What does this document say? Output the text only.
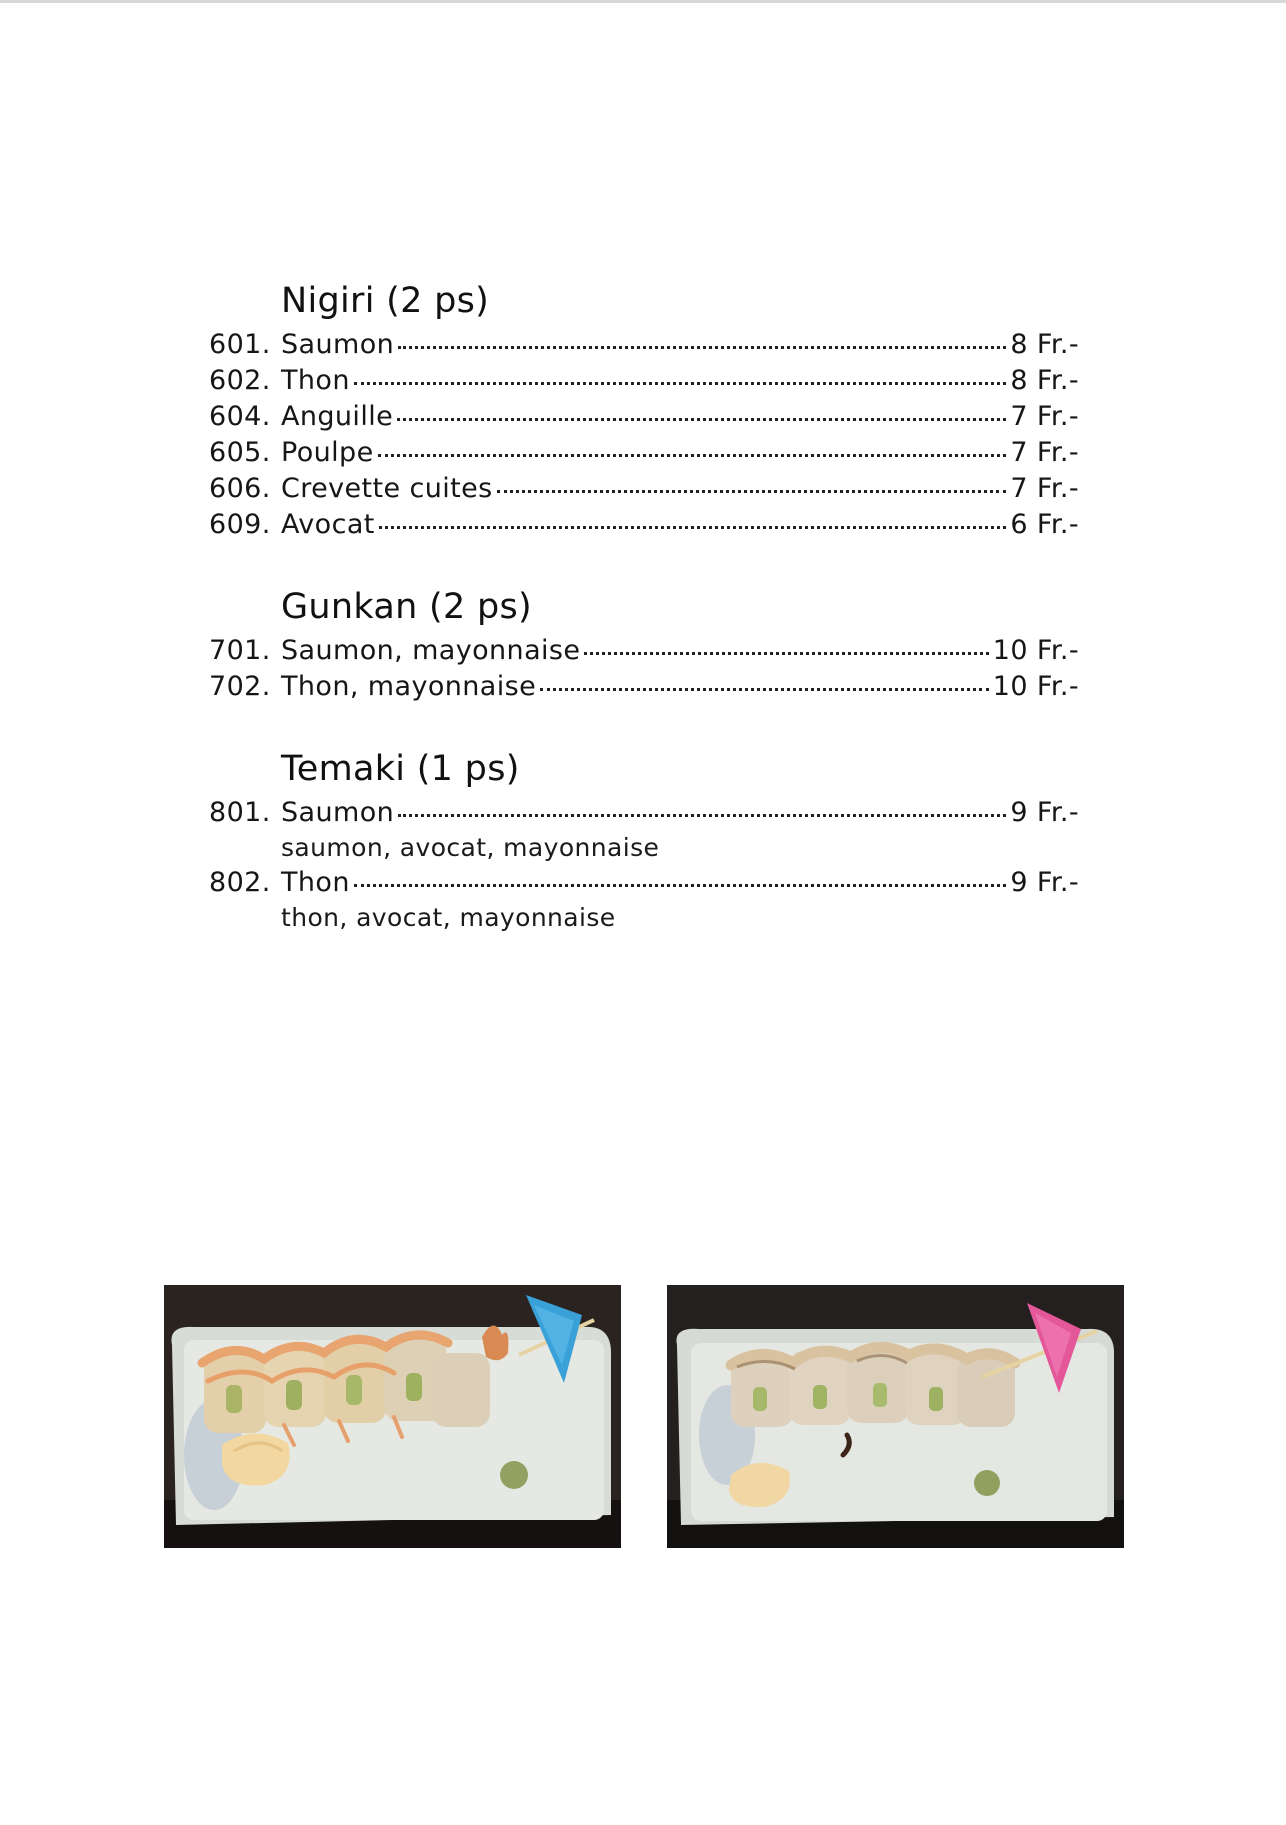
Nigiri (2 ps)
601. Saumon	8 Fr.-
602. Thon	8 Fr.-
604. Anguille	7 Fr.-
605. Poulpe	7 Fr.-
606. Crevette cuites	7 Fr.-
609. Avocat	6 Fr.-
Gunkan (2 ps)
701. Saumon, mayonnaise	10 Fr.-
702. Thon, mayonnaise	10 Fr.-
Temaki (1 ps)
801. Saumon	9 Fr.-
saumon, avocat, mayonnaise
802. Thon	9 Fr.-
thon, avocat, mayonnaise
